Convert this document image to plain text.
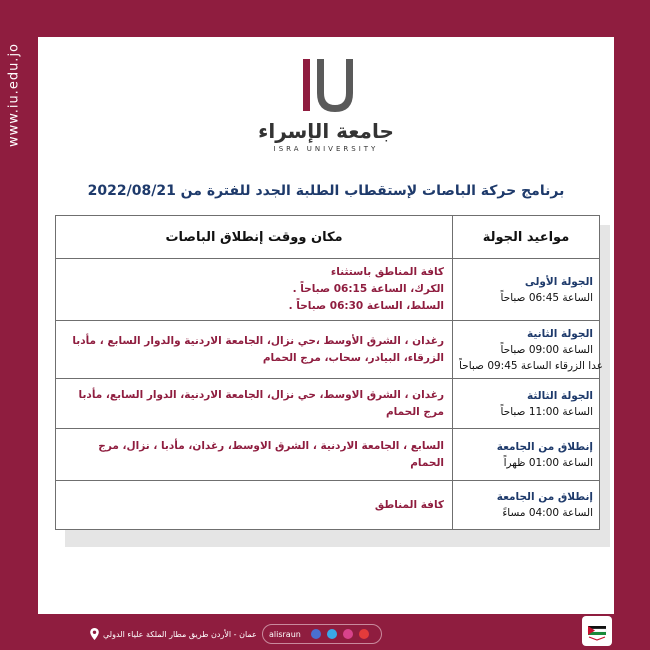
www.iu.edu.jo	جامعة الإسراء
ISRA UNIVERSITY
برنامج حركة الباصات لإستقطاب الطلبة الجدد للفترة من 2022/08/21
مواعيد الجولة	مكان ووقت إنطلاق الباصات

الجولة الأولى
الساعة 06:45 صباحاً	كافة المناطق باستثناء
الكرك، الساعة 06:15 صباحاً .
السلط، الساعة 06:30 صباحاً .

الجولة الثانية
الساعة 09:00 صباحاً
عدا الزرقاء الساعة 09:45 صباحاً	رغدان ، الشرق الأوسط ،حي نزال، الجامعة الاردنية والدوار السابع ، مأدبا
الزرقاء، البيادر، سحاب، مرج الحمام

الجولة الثالثة
الساعة 11:00 صباحاً	رغدان ، الشرق الاوسط، حي نزال، الجامعة الاردنية، الدوار السابع، مأدبا
مرج الحمام

إنطلاق من الجامعة
الساعة 01:00 ظهراً	السابع ، الجامعة الاردنية ، الشرق الاوسط، رغدان، مأدبا ، نزال، مرج الحمام

إنطلاق من الجامعة
الساعة 04:00 مساءً	كافة المناطق
عمان - الأردن طريق مطار الملكة علياء الدولي alisraun
